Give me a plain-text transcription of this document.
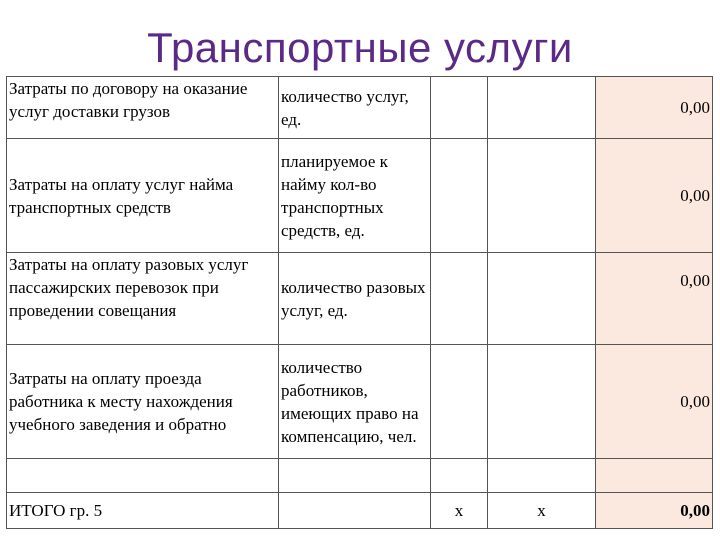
Транспортные услуги
Затраты по договору на оказание услуг доставки грузов	количество услуг, ед.			0,00
Затраты на оплату услуг найма транспортных средств	планируемое к найму кол-во транспортных средств, ед.			0,00
Затраты на оплату разовых услуг пассажирских перевозок при проведении совещания	количество разовых услуг, ед.			0,00
Затраты на оплату проезда работника к месту нахождения учебного заведения и обратно	количество работников, имеющих право на компенсацию, чел.			0,00

ИТОГО гр. 5		x	x	0,00
